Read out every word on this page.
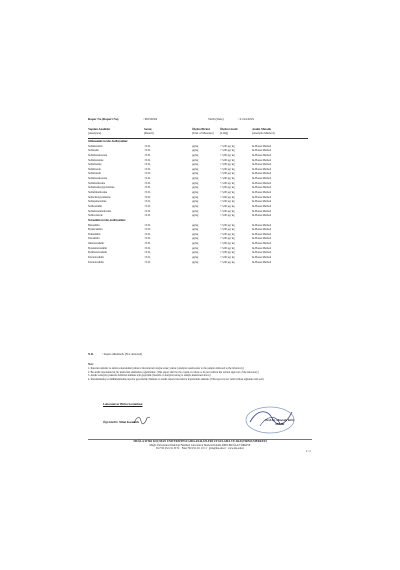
Rapor No (Report No)	: M250294	Tarih (Date)	: 21.04.2025
Yapılan Analizler	Sonuç	Ölçüm Birimi	Ölçüm Limiti	Analiz Metodu
(Analyses)	(Result)	(Unit of Measure)	(LOQ)	(Analysis Method)
Sülfonamide Grubu Antibiyotikler
Sulfamerazin	: N.D.	µg/kg	< 5,00 µg/ kg	In-House Method
Sulfaselin	: N.D.	µg/kg	< 5,00 µg/ kg	In-House Method
Sulfametoksazole	: N.D.	µg/kg	< 5,00 µg/ kg	In-House Method
Sulfametazine	: N.D.	µg/kg	< 5,00 µg/ kg	In-House Method
Sulfadiazine	: N.D.	µg/kg	< 5,00 µg/ kg	In-House Method
Sulfatiazole	: N.D.	µg/kg	< 5,00 µg/ kg	In-House Method
Sulfadoksin	: N.D.	µg/kg	< 5,00 µg/ kg	In-House Method
Sulfametoksazole	: N.D.	µg/kg	< 5,00 µg/ kg	In-House Method
Sulfamethoxine	: N.D.	µg/kg	< 5,00 µg/ kg	In-House Method
Sulfamethoxypyridazine	: N.D.	µg/kg	< 5,00 µg/ kg	In-House Method
Sulfadimethoxine	: N.D.	µg/kg	< 5,00 µg/ kg	In-House Method
Sulfachlorpyridazine	: N.D.	µg/kg	< 5,00 µg/ kg	In-House Method
Sulfaquinoxaline	: N.D.	µg/kg	< 5,00 µg/ kg	In-House Method
Sulfisomidin	: N.D.	µg/kg	< 5,00 µg/ kg	In-House Method
Sulfamonomethoxine	: N.D.	µg/kg	< 5,00 µg/ kg	In-House Method
Sulfisoxazole	: N.D.	µg/kg	< 5,00 µg/ kg	In-House Method
Tetrasiklin Grubu Antibiyotikler
Metasiklin	: N.D.	µg/kg	< 5,00 µg/ kg	In-House Method
Epitetrasiklin	: N.D.	µg/kg	< 5,00 µg/ kg	In-House Method
Doksisiklin	: N.D.	µg/kg	< 5,00 µg/ kg	In-House Method
Tetrasiklin	: N.D.	µg/kg	< 5,00 µg/ kg	In-House Method
Oksitetrasiklin	: N.D.	µg/kg	< 5,00 µg/ kg	In-House Method
Epioksitetrasiklin	: N.D.	µg/kg	< 5,00 µg/ kg	In-House Method
Epiklortetrasiklin	: N.D.	µg/kg	< 5,00 µg/ kg	In-House Method
Klortetrasiklin	: N.D.	µg/kg	< 5,00 µg/ kg	In-House Method
Klortetrasiklin	: N.D.	µg/kg	< 5,00 µg/ kg	In-House Method
N.D.	: Tespit edilemedi. (Not detected)
Not:
1. Raporun tamamı ve analiz sonucundaki yalnızca laboratuvarın doğru sonuç yoktur. (Analysis results refer to the sample delivered to the laboratory)
2. Bu analiz raporunun hiç bir kısmı izin alınmadan çoğaltılamaz. (This report shall not be copied, in whole or in part without the written approval of the laboratory)
3. Analiz sonuçları yukarıda belirtilen numune için geçerlidir. (Results of analysis belong to sample mentioned above)
4. İmzalanmamış ve mühürlenmemiş raporlar geçersizdir. Numune ve analiz raporu laboratuvar kayıtlarında saklanır. (This report is not valid without signature and seal)
Laboratuvar Birim Sorumlusu
Öğr.Gör.Dr. Nihal Kocatürk	Prof.Dr. Mustafa KOÇ
Müdür
MUĞLA SITKI KOÇMAN ÜNİVERSİTESİ GIDA ANALİZLERİ UYGULAMA VE ARAŞTIRMA MERKEZİ
Muğla Üniversitesi Teknoloji Fakültesi Laboratuvar Merkezi Kötekli 48000 MUĞLA/TÜRKİYE
Tel:+90 252 211 30 31 · Faks:+90 252 211 10 11 · gida@mu.edu.tr · www.mu.edu.tr
2 / 2
